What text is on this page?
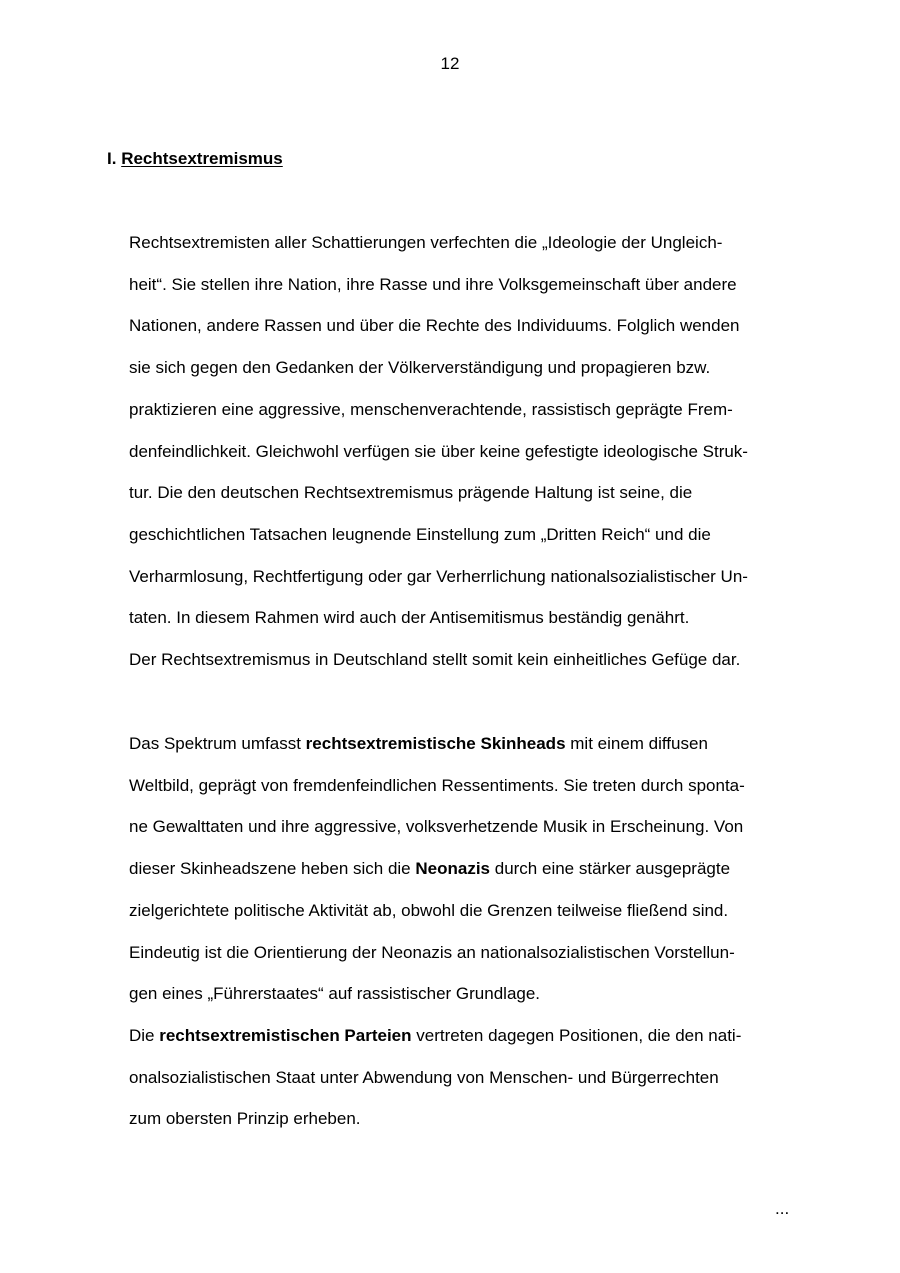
12
I. Rechtsextremismus
Rechtsextremisten aller Schattierungen verfechten die „Ideologie der Ungleich-
heit“. Sie stellen ihre Nation, ihre Rasse und ihre Volksgemeinschaft über andere
Nationen, andere Rassen und über die Rechte des Individuums. Folglich wenden
sie sich gegen den Gedanken der Völkerverständigung und propagieren bzw.
praktizieren eine aggressive, menschenverachtende, rassistisch geprägte Frem-
denfeindlichkeit. Gleichwohl verfügen sie über keine gefestigte ideologische Struk-
tur. Die den deutschen Rechtsextremismus prägende Haltung ist seine, die
geschichtlichen Tatsachen leugnende Einstellung zum „Dritten Reich“ und die
Verharmlosung, Rechtfertigung oder gar Verherrlichung nationalsozialistischer Un-
taten. In diesem Rahmen wird auch der Antisemitismus beständig genährt.
Der Rechtsextremismus in Deutschland stellt somit kein einheitliches Gefüge dar.
Das Spektrum umfasst rechtsextremistische Skinheads mit einem diffusen
Weltbild, geprägt von fremdenfeindlichen Ressentiments. Sie treten durch sponta-
ne Gewalttaten und ihre aggressive, volksverhetzende Musik in Erscheinung. Von
dieser Skinheadszene heben sich die Neonazis durch eine stärker ausgeprägte
zielgerichtete politische Aktivität ab, obwohl die Grenzen teilweise fließend sind.
Eindeutig ist die Orientierung der Neonazis an nationalsozialistischen Vorstellun-
gen eines „Führerstaates“ auf rassistischer Grundlage.
Die rechtsextremistischen Parteien vertreten dagegen Positionen, die den nati-
onalsozialistischen Staat unter Abwendung von Menschen- und Bürgerrechten
zum obersten Prinzip erheben.
...
